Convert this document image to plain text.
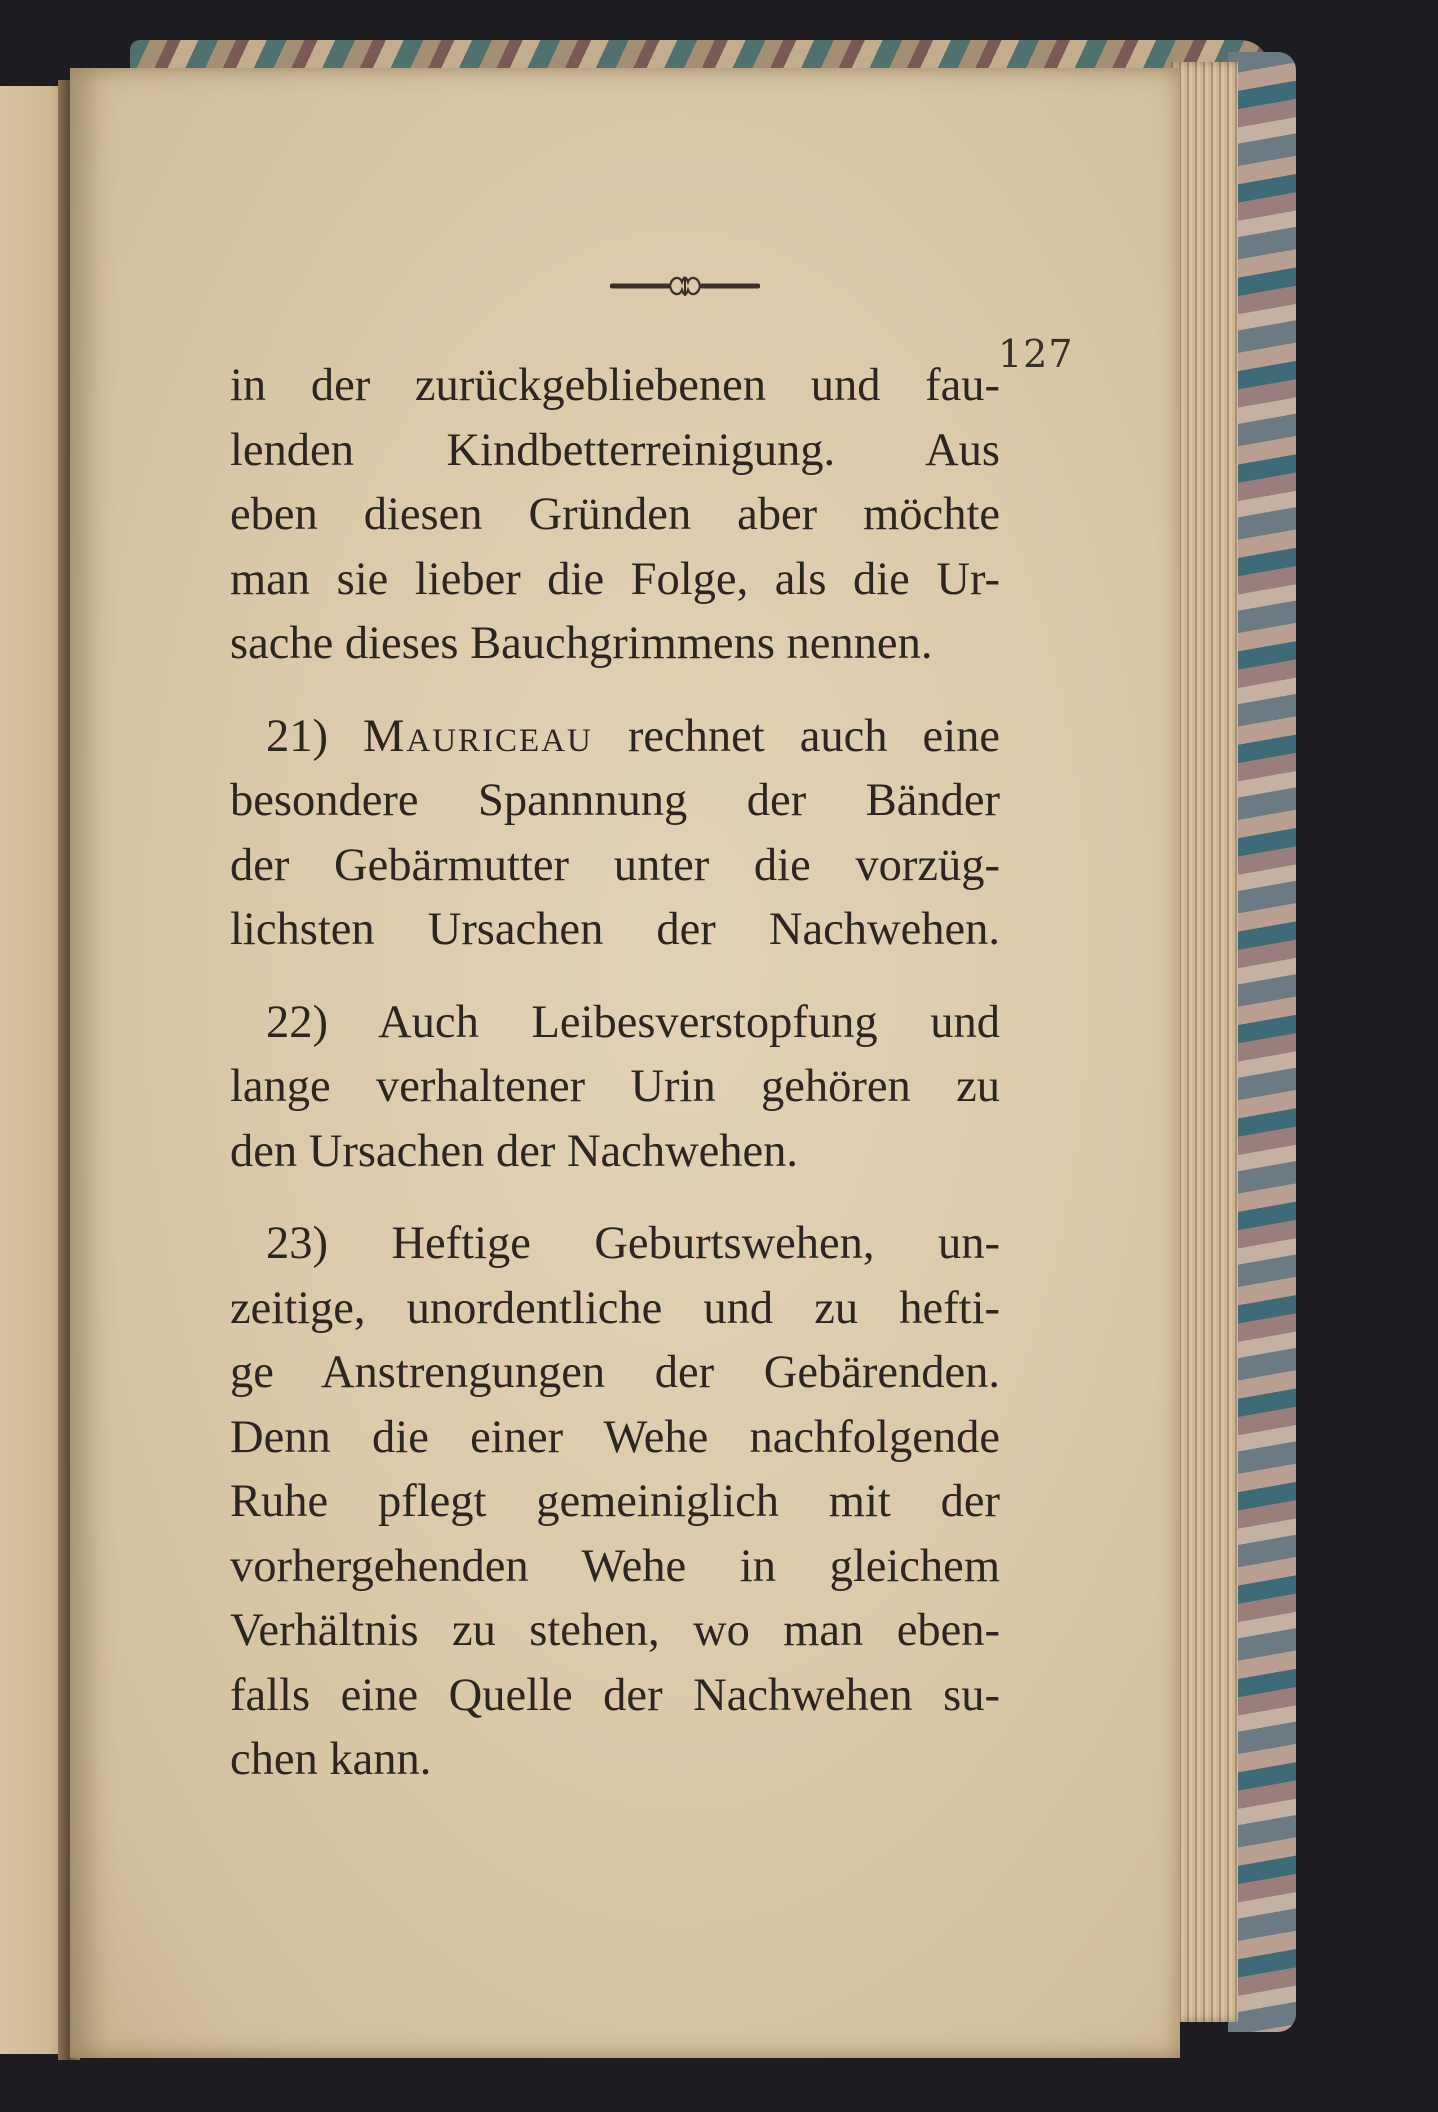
127
in der zurückgebliebenen und fau-
lenden Kindbetterreinigung. Aus
eben diesen Gründen aber möchte
man sie lieber die Folge, als die Ur-
sache dieses Bauchgrimmens nennen.
21) Mauriceau rechnet auch eine
besondere Spannnung der Bänder
der Gebärmutter unter die vorzüg-
lichsten Ursachen der Nachwehen.
22) Auch Leibesverstopfung und
lange verhaltener Urin gehören zu
den Ursachen der Nachwehen.
23) Heftige Geburtswehen, un-
zeitige, unordentliche und zu hefti-
ge Anstrengungen der Gebärenden.
Denn die einer Wehe nachfolgende
Ruhe pflegt gemeiniglich mit der
vorhergehenden Wehe in gleichem
Verhältnis zu stehen, wo man eben-
falls eine Quelle der Nachwehen su-
chen kann.
